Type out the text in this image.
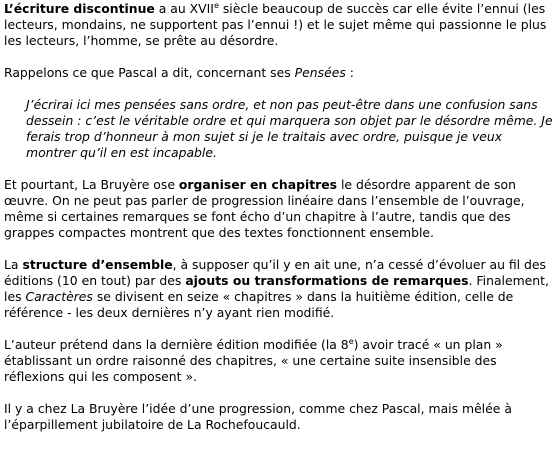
L’écriture discontinue a au XVIIe siècle beaucoup de succès car elle évite l’ennui (les lecteurs, mondains, ne supportent pas l’ennui !) et le sujet même qui passionne le plus les lecteurs, l’homme, se prête au désordre.

Rappelons ce que Pascal a dit, concernant ses Pensées :

J’écrirai ici mes pensées sans ordre, et non pas peut-être dans une confusion sans dessein : c’est le véritable ordre et qui marquera son objet par le désordre même. Je ferais trop d’honneur à mon sujet si je le traitais avec ordre, puisque je veux montrer qu’il en est incapable.

Et pourtant, La Bruyère ose organiser en chapitres le désordre apparent de son œuvre. On ne peut pas parler de progression linéaire dans l’ensemble de l’ouvrage, même si certaines remarques se font écho d’un chapitre à l’autre, tandis que des grappes compactes montrent que des textes fonctionnent ensemble.

La structure d’ensemble, à supposer qu’il y en ait une, n’a cessé d’évoluer au fil des éditions (10 en tout) par des ajouts ou transformations de remarques. Finalement, les Caractères se divisent en seize « chapitres » dans la huitième édition, celle de référence - les deux dernières n’y ayant rien modifié.

L’auteur prétend dans la dernière édition modifiée (la 8e) avoir tracé « un plan » établissant un ordre raisonné des chapitres, « une certaine suite insensible des réflexions qui les composent ».

Il y a chez La Bruyère l’idée d’une progression, comme chez Pascal, mais mêlée à l’éparpillement jubilatoire de La Rochefoucauld.
